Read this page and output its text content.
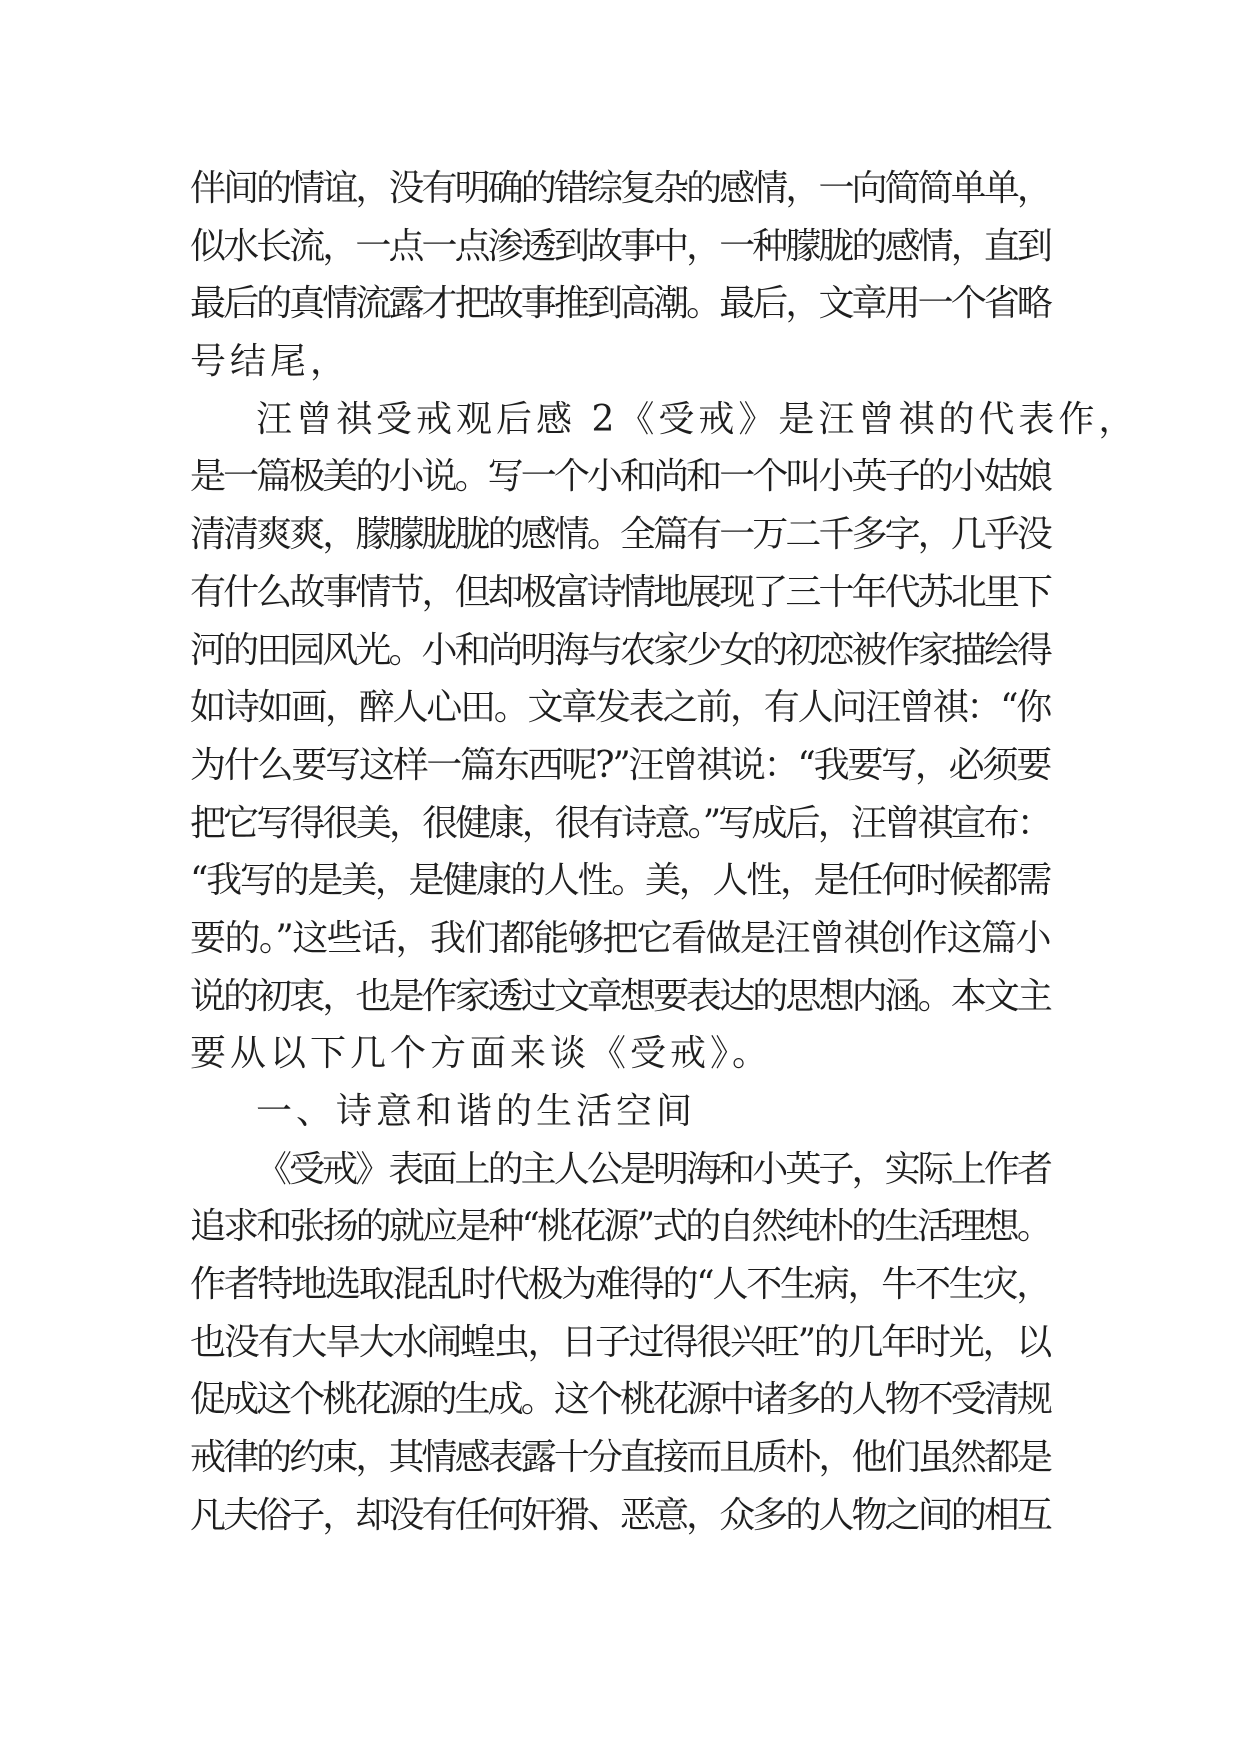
伴间的情谊，没有明确的错综复杂的感情，一向简简单单，
似水长流，一点一点渗透到故事中，一种朦胧的感情，直到
最后的真情流露才把故事推到高潮。最后，文章用一个省略
号结尾，
汪曾祺受戒观后感 2 《受戒》是汪曾祺的代表作，
是一篇极美的小说。写一个小和尚和一个叫小英子的小姑娘
清清爽爽，朦朦胧胧的感情。全篇有一万二千多字，几乎没
有什么故事情节，但却极富诗情地展现了三十年代苏北里下
河的田园风光。小和尚明海与农家少女的初恋被作家描绘得
如诗如画，醉人心田。文章发表之前，有人问汪曾祺：“你
为什么要写这样一篇东西呢?”汪曾祺说：“我要写，必须要
把它写得很美，很健康，很有诗意。”写成后，汪曾祺宣布：
“我写的是美，是健康的人性。美，人性，是任何时候都需
要的。”这些话，我们都能够把它看做是汪曾祺创作这篇小
说的初衷，也是作家透过文章想要表达的思想内涵。本文主
要从以下几个方面来谈《受戒》。
一、诗意和谐的生活空间
《受戒》表面上的主人公是明海和小英子，实际上作者
追求和张扬的就应是种“桃花源”式的自然纯朴的生活理想。
作者特地选取混乱时代极为难得的“人不生病，牛不生灾，
也没有大旱大水闹蝗虫，日子过得很兴旺”的几年时光，以
促成这个桃花源的生成。这个桃花源中诸多的人物不受清规
戒律的约束，其情感表露十分直接而且质朴，他们虽然都是
凡夫俗子，却没有任何奸猾、恶意，众多的人物之间的相互
